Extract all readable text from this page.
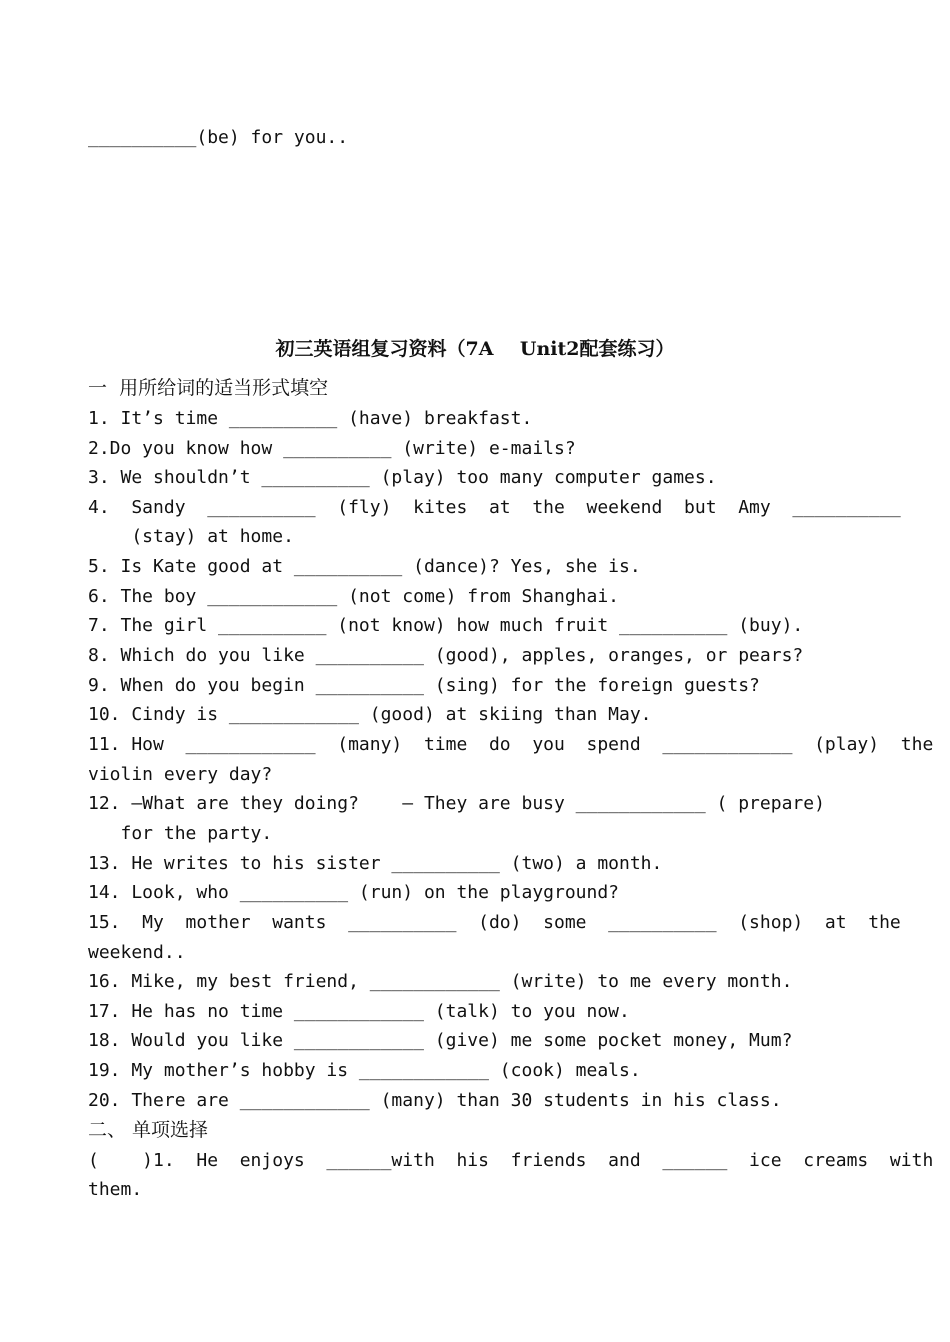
__________(be) for you..
初三英语组复习资料（7A    Unit2配套练习）
一  用所给词的适当形式填空
1. It’s time __________ (have) breakfast.
2.Do you know how __________ (write) e-mails?
3. We shouldn’t __________ (play) too many computer games.
4.  Sandy  __________  (fly)  kites  at  the  weekend  but  Amy  __________
(stay) at home.
5. Is Kate good at __________ (dance)? Yes, she is.
6. The boy ____________ (not come) from Shanghai.
7. The girl __________ (not know) how much fruit __________ (buy).
8. Which do you like __________ (good), apples, oranges, or pears?
9. When do you begin __________ (sing) for the foreign guests?
10. Cindy is ____________ (good) at skiing than May.
11. How  ____________  (many)  time  do  you  spend  ____________  (play)  the
violin every day?
12. —What are they doing?    — They are busy ____________ ( prepare)
for the party.
13. He writes to his sister __________ (two) a month.
14. Look, who __________ (run) on the playground?
15.  My  mother  wants  __________  (do)  some  __________  (shop)  at  the
weekend..
16. Mike, my best friend, ____________ (write) to me every month.
17. He has no time ____________ (talk) to you now.
18. Would you like ____________ (give) me some pocket money, Mum?
19. My mother’s hobby is ____________ (cook) meals.
20. There are ____________ (many) than 30 students in his class.
二、 单项选择
(    )1.  He  enjoys  ______with  his  friends  and  ______  ice  creams  with
them.
